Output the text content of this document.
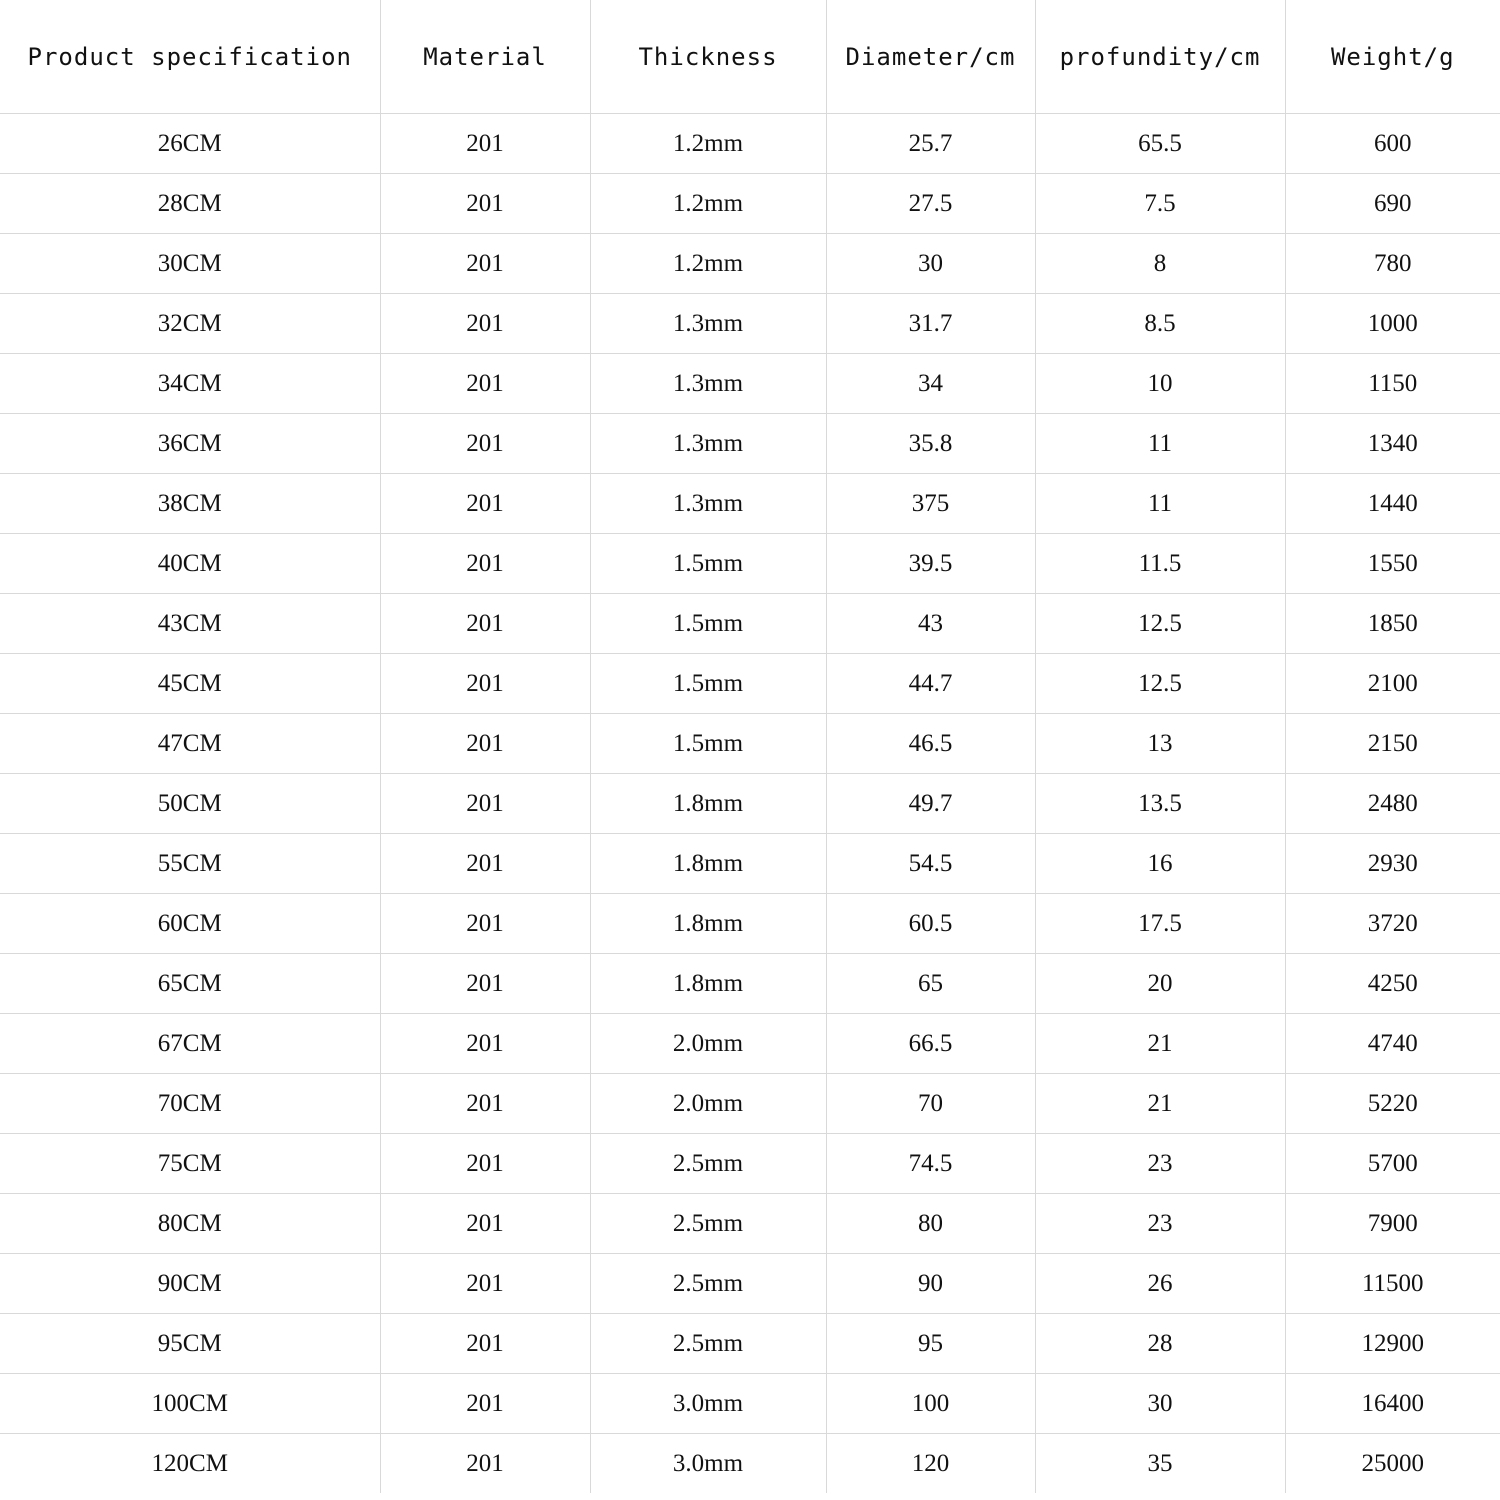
Product specification	Material	Thickness	Diameter/cm	profundity/cm	Weight/g
26CM	201	1.2mm	25.7	65.5	600
28CM	201	1.2mm	27.5	7.5	690
30CM	201	1.2mm	30	8	780
32CM	201	1.3mm	31.7	8.5	1000
34CM	201	1.3mm	34	10	1150
36CM	201	1.3mm	35.8	11	1340
38CM	201	1.3mm	375	11	1440
40CM	201	1.5mm	39.5	11.5	1550
43CM	201	1.5mm	43	12.5	1850
45CM	201	1.5mm	44.7	12.5	2100
47CM	201	1.5mm	46.5	13	2150
50CM	201	1.8mm	49.7	13.5	2480
55CM	201	1.8mm	54.5	16	2930
60CM	201	1.8mm	60.5	17.5	3720
65CM	201	1.8mm	65	20	4250
67CM	201	2.0mm	66.5	21	4740
70CM	201	2.0mm	70	21	5220
75CM	201	2.5mm	74.5	23	5700
80CM	201	2.5mm	80	23	7900
90CM	201	2.5mm	90	26	11500
95CM	201	2.5mm	95	28	12900
100CM	201	3.0mm	100	30	16400
120CM	201	3.0mm	120	35	25000
